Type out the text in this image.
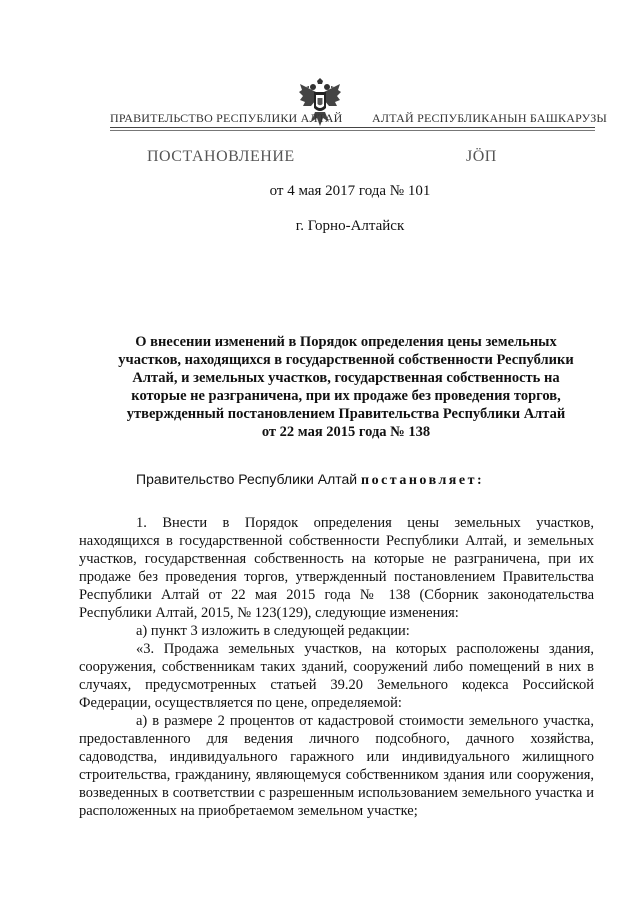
ПРАВИТЕЛЬСТВО РЕСПУБЛИКИ АЛТАЙ АЛТАЙ РЕСПУБЛИКАНЫН БАШКАРУЗЫ
ПОСТАНОВЛЕНИЕ	ЈӦП
от 4 мая 2017 года № 101
г. Горно-Алтайск
О внесении изменений в Порядок определения цены земельных
участков, находящихся в государственной собственности Республики
Алтай, и земельных участков, государственная собственность на
которые не разграничена, при их продаже без проведения торгов,
утвержденный постановлением Правительства Республики Алтай
от 22 мая 2015 года № 138

Правительство Республики Алтай постановляет:

1. Внести в Порядок определения цены земельных участков, находящихся в государственной собственности Республики Алтай, и земельных участков, государственная собственность на которые не разграничена, при их продаже без проведения торгов, утвержденный постановлением Правительства Республики Алтай от 22 мая 2015 года № 138 (Сборник законодательства Республики Алтай, 2015, № 123(129), следующие изменения:

а) пункт 3 изложить в следующей редакции:

«3. Продажа земельных участков, на которых расположены здания, сооружения, собственникам таких зданий, сооружений либо помещений в них в случаях, предусмотренных статьей 39.20 Земельного кодекса Российской Федерации, осуществляется по цене, определяемой:

а) в размере 2 процентов от кадастровой стоимости земельного участка, предоставленного для ведения личного подсобного, дачного хозяйства, садоводства, индивидуального гаражного или индивидуального жилищного строительства, гражданину, являющемуся собственником здания или сооружения, возведенных в соответствии с разрешенным использованием земельного участка и расположенных на приобретаемом земельном участке;
